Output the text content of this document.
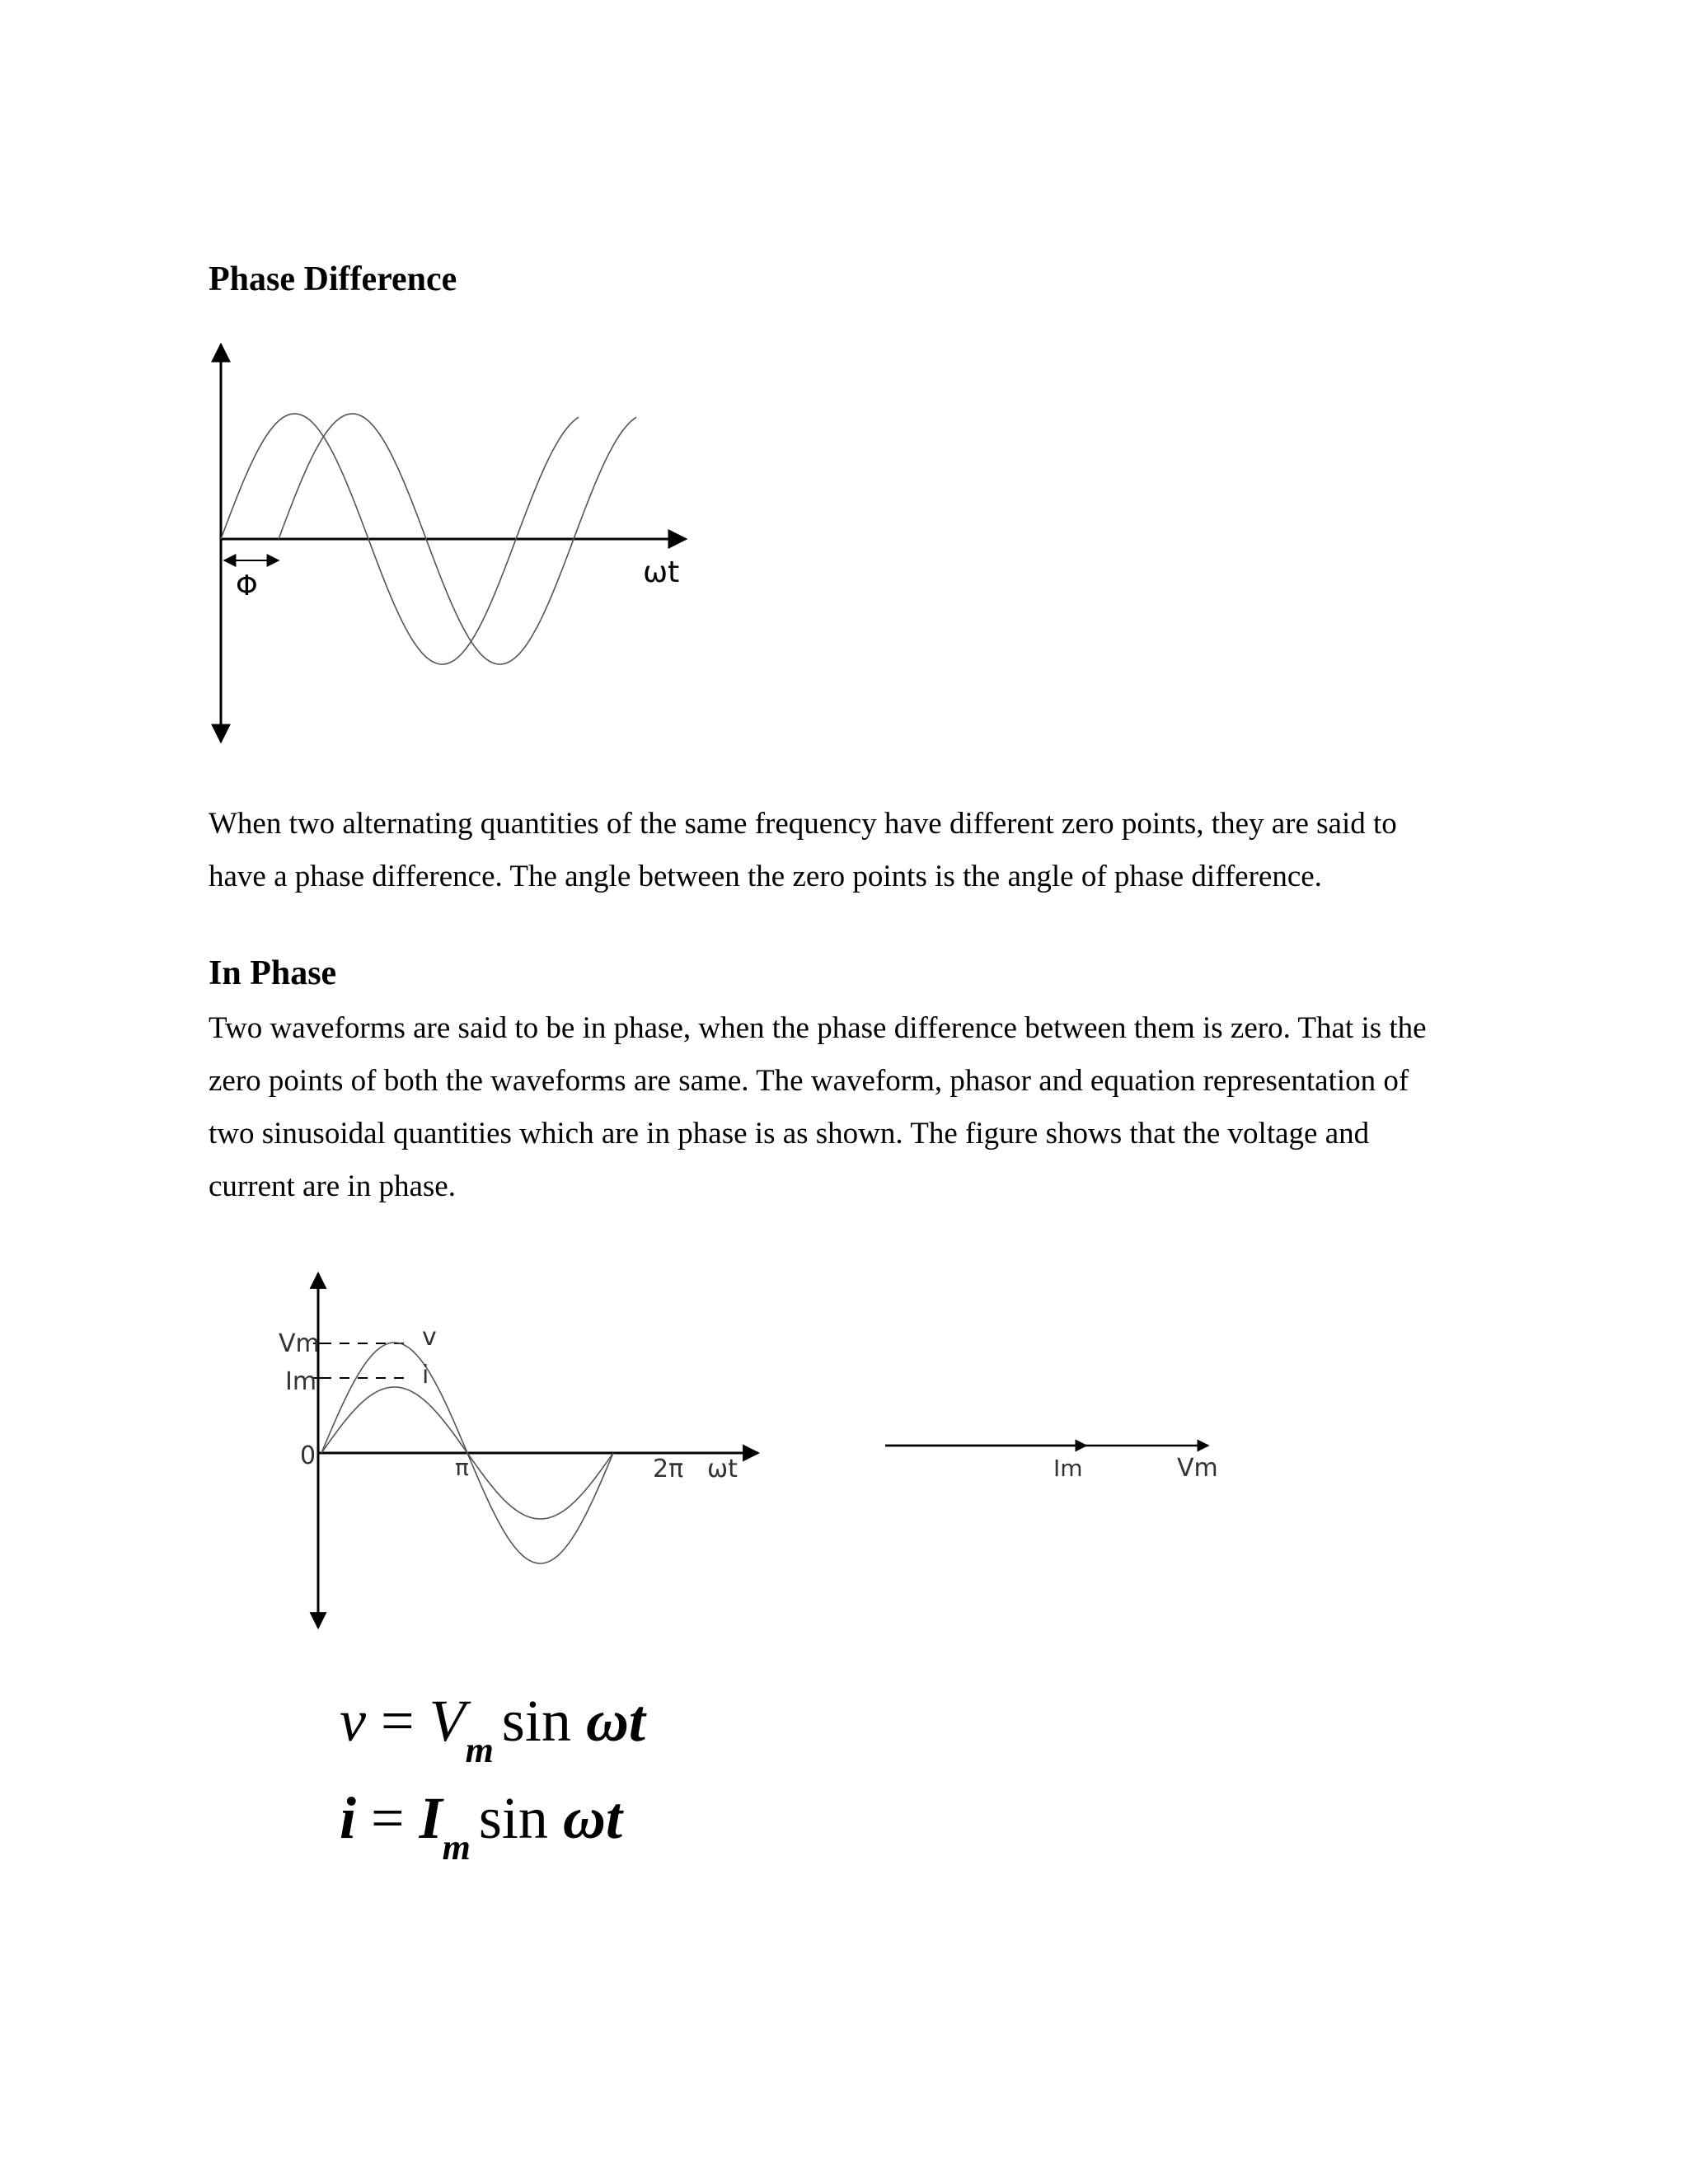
Phase Difference
Φ	ωt

When two alternating quantities of the same frequency have different zero points, they are said to
have a phase difference. The angle between the zero points is the angle of phase difference.

In Phase

Two waveforms are said to be in phase, when the phase difference between them is zero. That is the
zero points of both the waveforms are same. The waveform, phasor and equation representation of
two sinusoidal quantities which are in phase is as shown. The figure shows that the voltage and
current are in phase.

Vm
Im
0
v
i
π	2π ωt	Im	Vm
$v = V_m$ sin ωt
$i = I_m$ sin ωt
